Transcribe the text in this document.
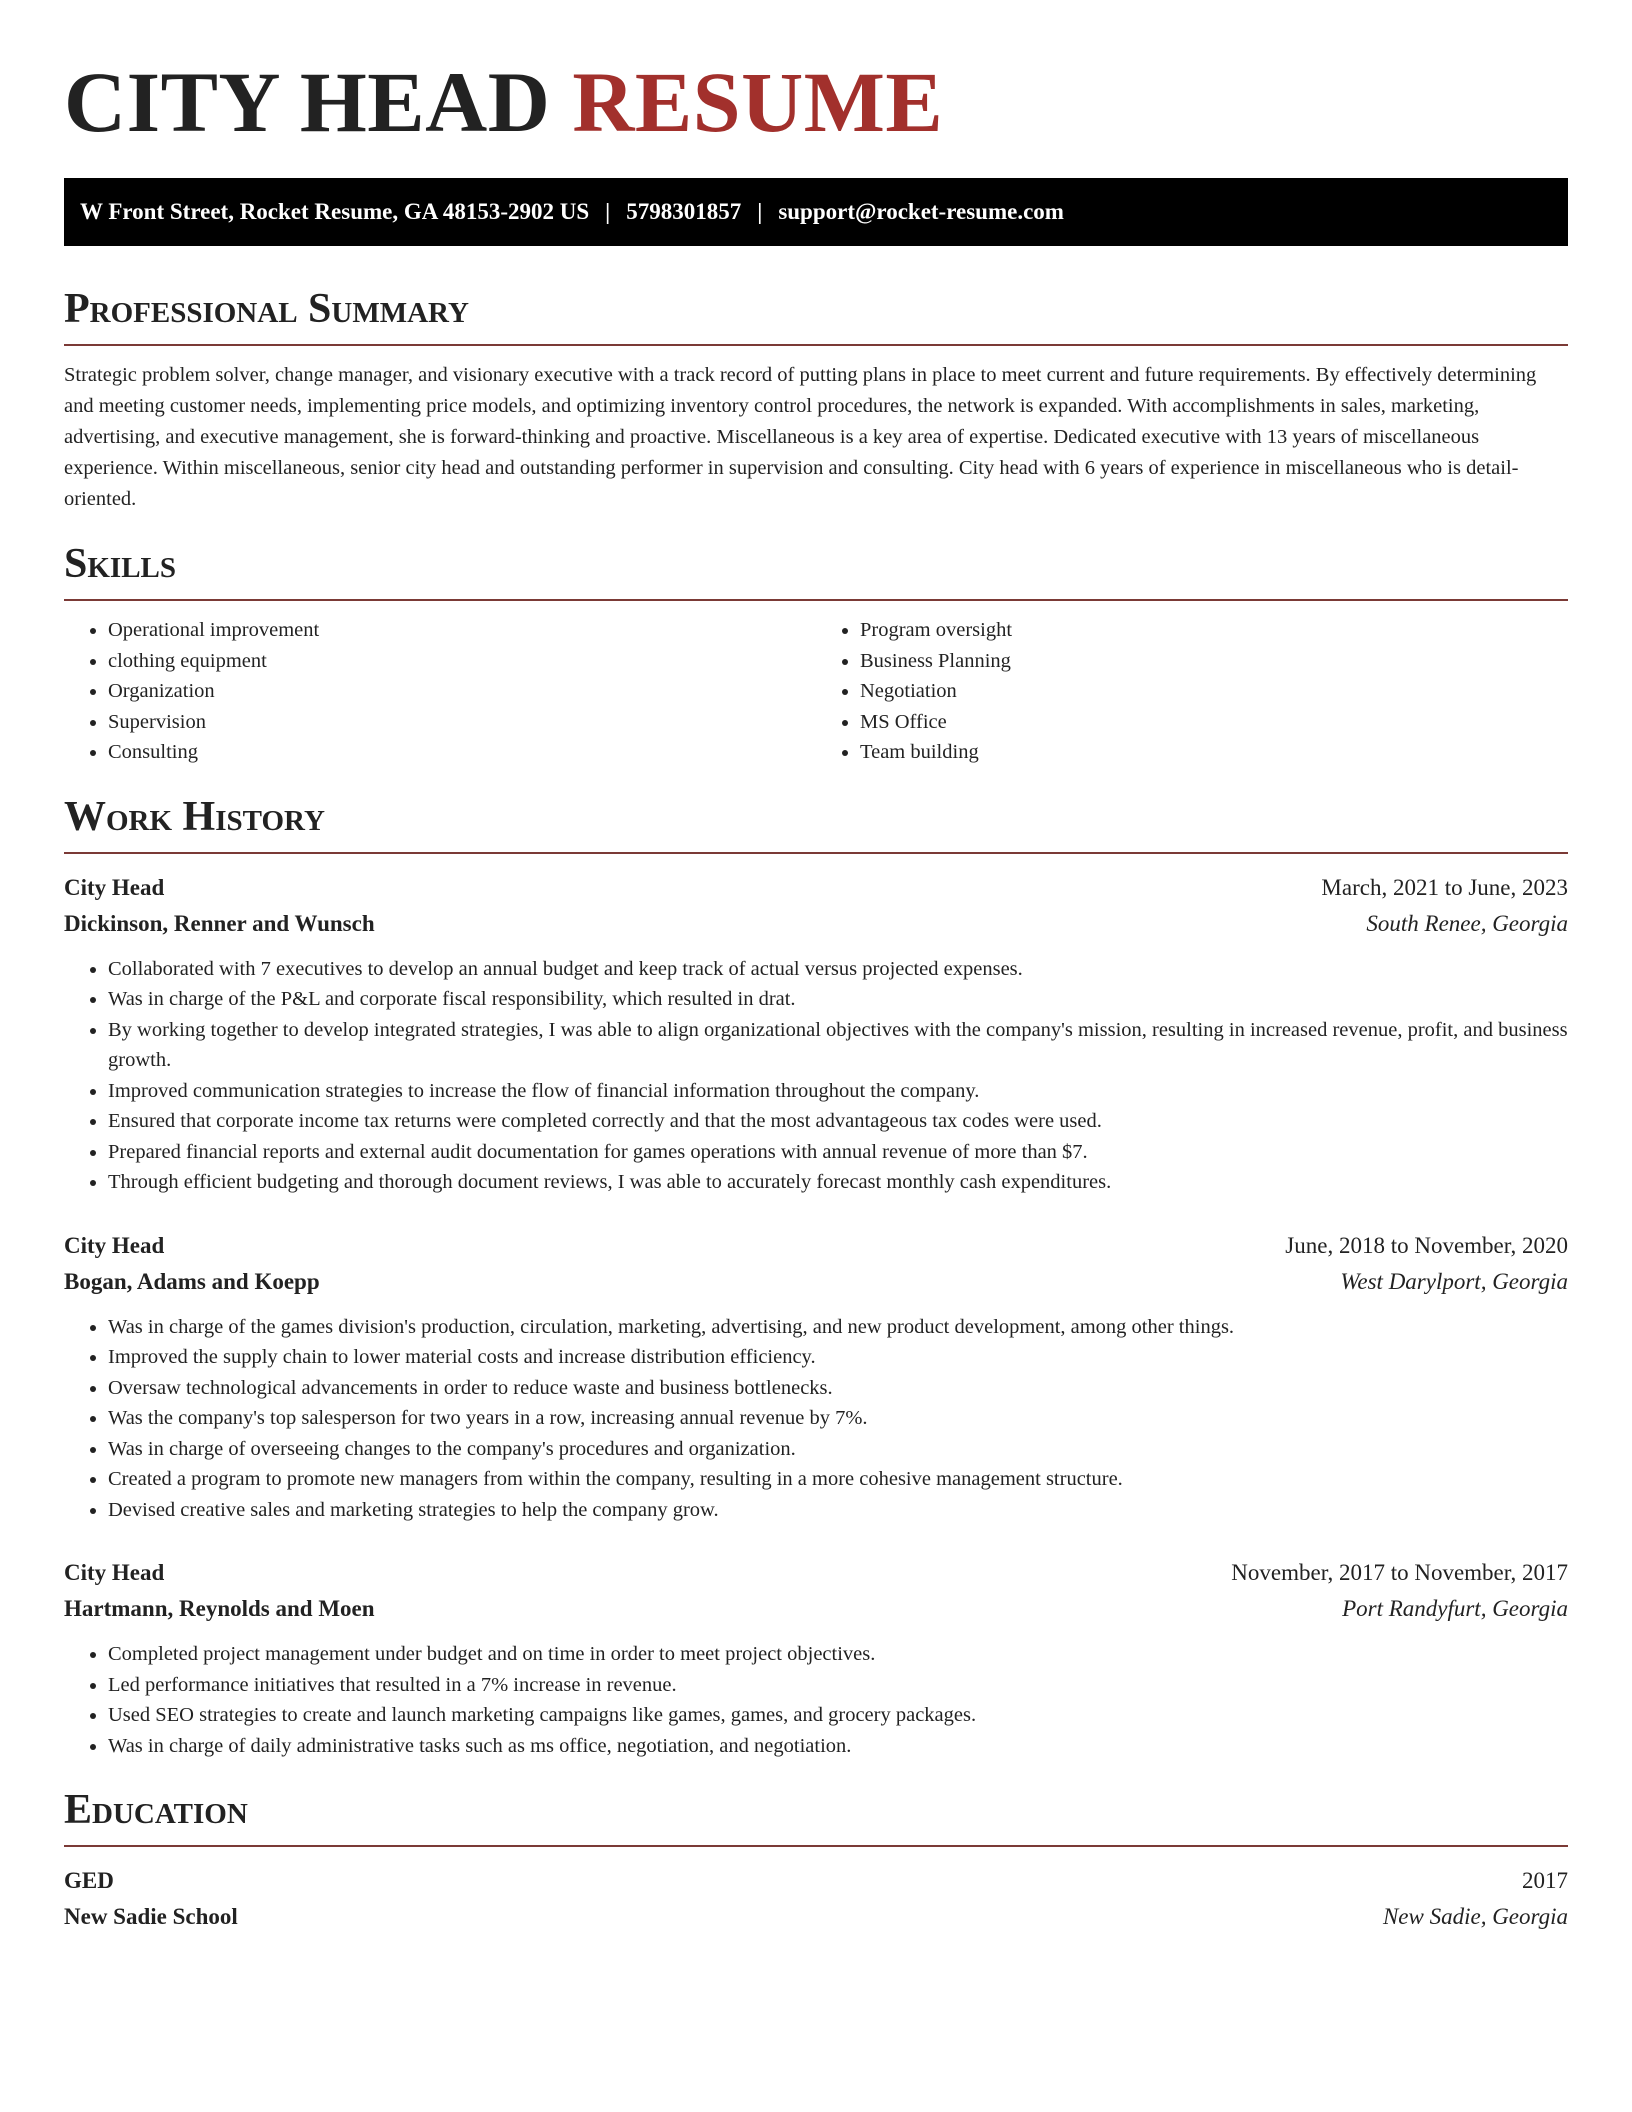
CITY HEAD RESUME
W Front Street, Rocket Resume, GA 48153-2902 US | 5798301857 | support@rocket-resume.com
Professional Summary

Strategic problem solver, change manager, and visionary executive with a track record of putting plans in place to meet current and future requirements. By effectively determining and meeting customer needs, implementing price models, and optimizing inventory control procedures, the network is expanded. With accomplishments in sales, marketing, advertising, and executive management, she is forward-thinking and proactive. Miscellaneous is a key area of expertise. Dedicated executive with 13 years of miscellaneous experience. Within miscellaneous, senior city head and outstanding performer in supervision and consulting. City head with 6 years of experience in miscellaneous who is detail-oriented.

Skills
• Operational improvement
• clothing equipment
• Organization
• Supervision
• Consulting
• Program oversight
• Business Planning
• Negotiation
• MS Office
• Team building
Work History
City Head	March, 2021 to June, 2023
Dickinson, Renner and Wunsch	South Renee, Georgia
• Collaborated with 7 executives to develop an annual budget and keep track of actual versus projected expenses.
• Was in charge of the P&L and corporate fiscal responsibility, which resulted in drat.
• By working together to develop integrated strategies, I was able to align organizational objectives with the company's mission, resulting in increased revenue, profit, and business growth.
• Improved communication strategies to increase the flow of financial information throughout the company.
• Ensured that corporate income tax returns were completed correctly and that the most advantageous tax codes were used.
• Prepared financial reports and external audit documentation for games operations with annual revenue of more than $7.
• Through efficient budgeting and thorough document reviews, I was able to accurately forecast monthly cash expenditures.
City Head	June, 2018 to November, 2020
Bogan, Adams and Koepp	West Darylport, Georgia
• Was in charge of the games division's production, circulation, marketing, advertising, and new product development, among other things.
• Improved the supply chain to lower material costs and increase distribution efficiency.
• Oversaw technological advancements in order to reduce waste and business bottlenecks.
• Was the company's top salesperson for two years in a row, increasing annual revenue by 7%.
• Was in charge of overseeing changes to the company's procedures and organization.
• Created a program to promote new managers from within the company, resulting in a more cohesive management structure.
• Devised creative sales and marketing strategies to help the company grow.
City Head	November, 2017 to November, 2017
Hartmann, Reynolds and Moen	Port Randyfurt, Georgia
• Completed project management under budget and on time in order to meet project objectives.
• Led performance initiatives that resulted in a 7% increase in revenue.
• Used SEO strategies to create and launch marketing campaigns like games, games, and grocery packages.
• Was in charge of daily administrative tasks such as ms office, negotiation, and negotiation.
Education
GED	2017
New Sadie School	New Sadie, Georgia
